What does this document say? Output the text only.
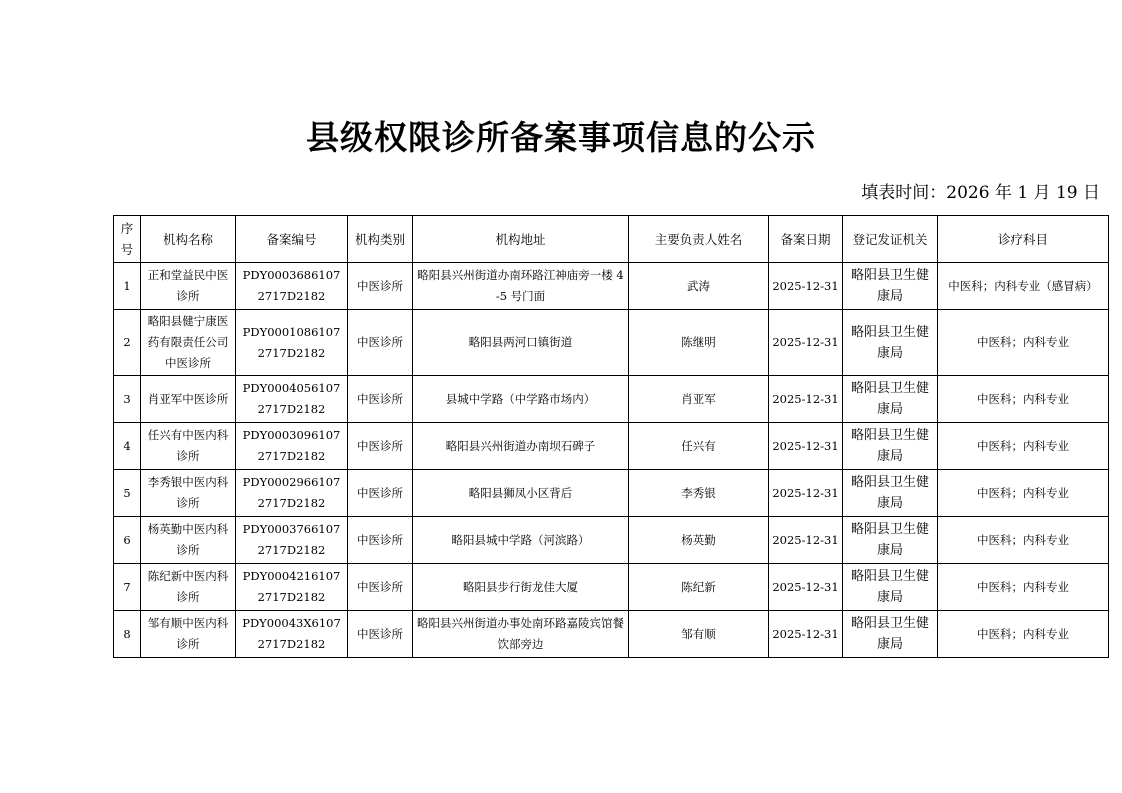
县级权限诊所备案事项信息的公示
填表时间：2026 年 1 月 19 日
序号	机构名称	备案编号	机构类别	机构地址	主要负责人姓名	备案日期	登记发证机关	诊疗科目
1	正和堂益民中医诊所	PDY00036861072717D2182	中医诊所	略阳县兴州街道办南环路江神庙旁一楼 4-5 号门面	武涛	2025-12-31	略阳县卫生健康局	中医科；内科专业（感冒病）
2	略阳县健宁康医药有限责任公司中医诊所	PDY00010861072717D2182	中医诊所	略阳县两河口镇街道	陈继明	2025-12-31	略阳县卫生健康局	中医科；内科专业
3	肖亚军中医诊所	PDY00040561072717D2182	中医诊所	县城中学路（中学路市场内）	肖亚军	2025-12-31	略阳县卫生健康局	中医科；内科专业
4	任兴有中医内科诊所	PDY00030961072717D2182	中医诊所	略阳县兴州街道办南坝石碑子	任兴有	2025-12-31	略阳县卫生健康局	中医科；内科专业
5	李秀银中医内科诊所	PDY00029661072717D2182	中医诊所	略阳县狮凤小区背后	李秀银	2025-12-31	略阳县卫生健康局	中医科；内科专业
6	杨英勤中医内科诊所	PDY00037661072717D2182	中医诊所	略阳县城中学路（河滨路）	杨英勤	2025-12-31	略阳县卫生健康局	中医科；内科专业
7	陈纪新中医内科诊所	PDY00042161072717D2182	中医诊所	略阳县步行街龙佳大厦	陈纪新	2025-12-31	略阳县卫生健康局	中医科；内科专业
8	邹有顺中医内科诊所	PDY00043X61072717D2182	中医诊所	略阳县兴州街道办事处南环路嘉陵宾馆餐饮部旁边	邹有顺	2025-12-31	略阳县卫生健康局	中医科；内科专业
